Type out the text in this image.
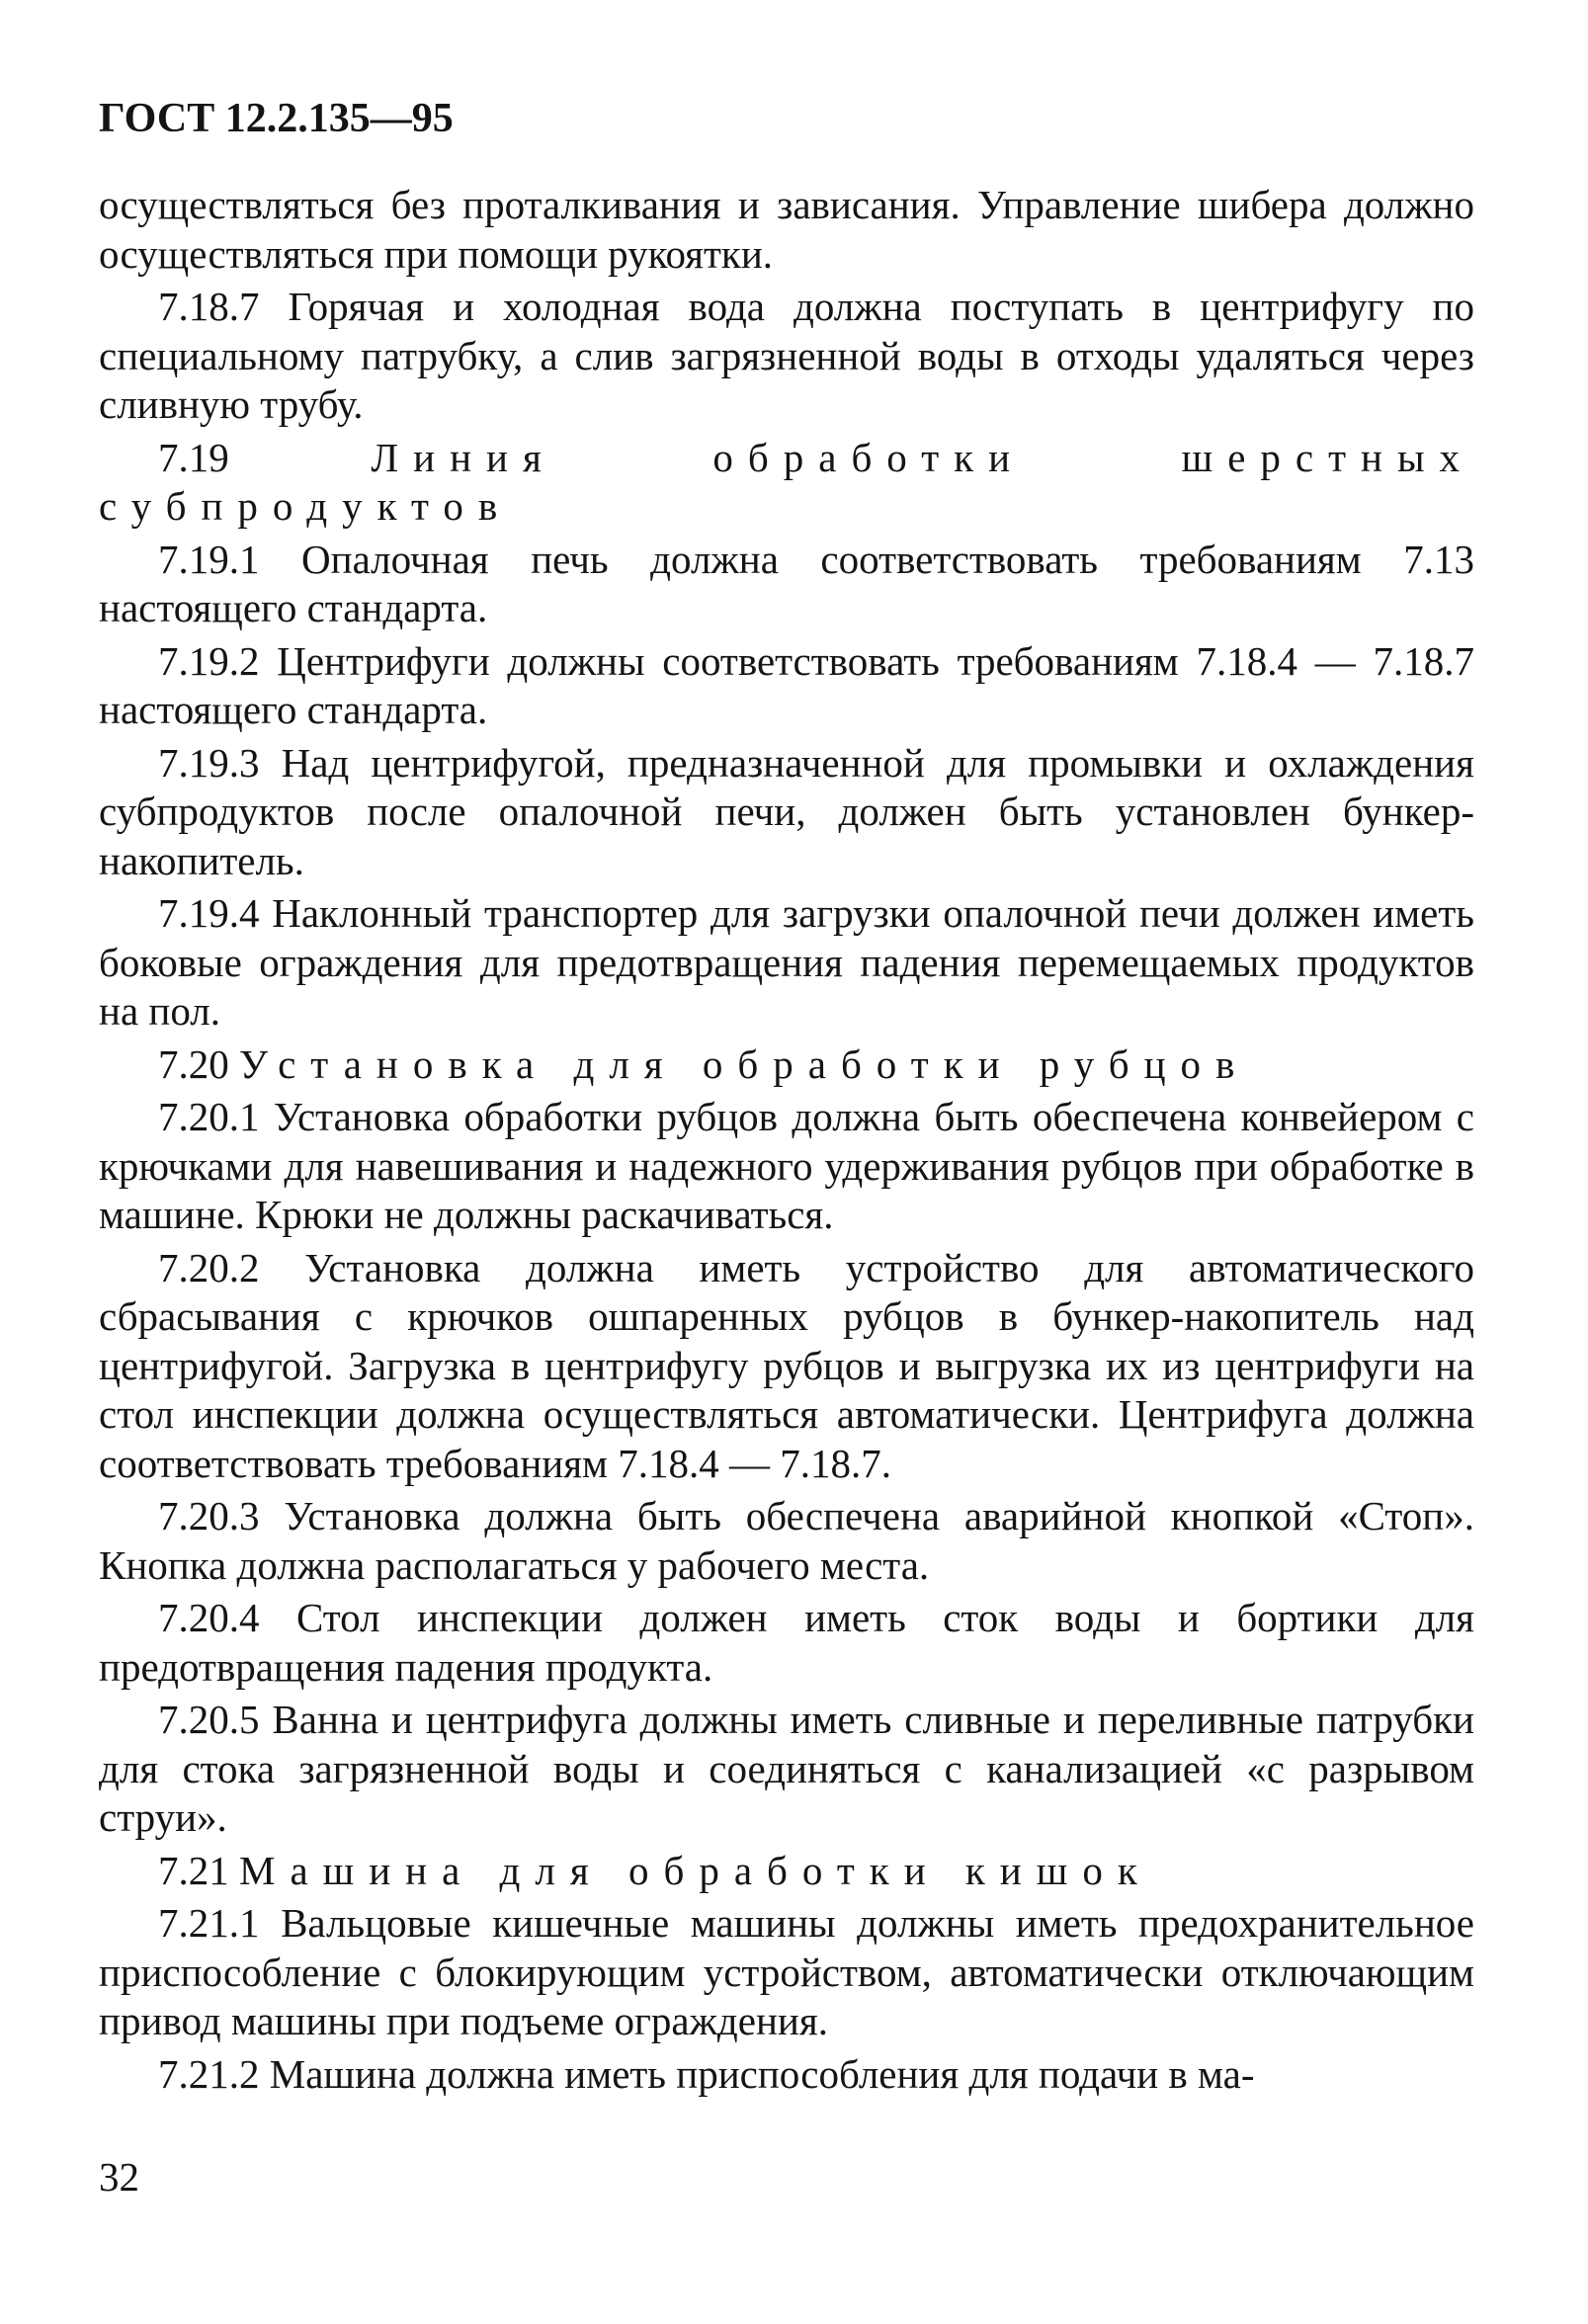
ГОСТ 12.2.135—95

осуществляться без проталкивания и зависания. Управление шибера должно осуществляться при помощи рукоятки.

7.18.7 Горячая и холодная вода должна поступать в центрифугу по специальному патрубку, а слив загрязненной воды в отходы удаляться через сливную трубу.

7.19	Линия обработки шерстных субпродуктов

7.19.1 Опалочная печь должна соответствовать требованиям 7.13 настоящего стандарта.

7.19.2 Центрифуги должны соответствовать требованиям 7.18.4 — 7.18.7 настоящего стандарта.

7.19.3 Над центрифугой, предназначенной для промывки и охлаждения субпродуктов после опалочной печи, должен быть установлен бункер-накопитель.

7.19.4 Наклонный транспортер для загрузки опалочной печи должен иметь боковые ограждения для предотвращения падения перемещаемых продуктов на пол.

7.20 Установка для обработки рубцов

7.20.1 Установка обработки рубцов должна быть обеспечена конвейером с крючками для навешивания и надежного удерживания рубцов при обработке в машине. Крюки не должны раскачиваться.

7.20.2 Установка должна иметь устройство для автоматического сбрасывания с крючков ошпаренных рубцов в бункер-накопитель над центрифугой. Загрузка в центрифугу рубцов и выгрузка их из центрифуги на стол инспекции должна осуществляться автоматически. Центрифуга должна соответствовать требованиям 7.18.4 — 7.18.7.

7.20.3 Установка должна быть обеспечена аварийной кнопкой «Стоп». Кнопка должна располагаться у рабочего места.

7.20.4 Стол инспекции должен иметь сток воды и бортики для предотвращения падения продукта.

7.20.5 Ванна и центрифуга должны иметь сливные и переливные патрубки для стока загрязненной воды и соединяться с канализацией «с разрывом струи».

7.21 Машина для обработки кишок

7.21.1 Вальцовые кишечные машины должны иметь предохранительное приспособление с блокирующим устройством, автоматически отключающим привод машины при подъеме ограждения.

7.21.2 Машина должна иметь приспособления для подачи в ма-

32
